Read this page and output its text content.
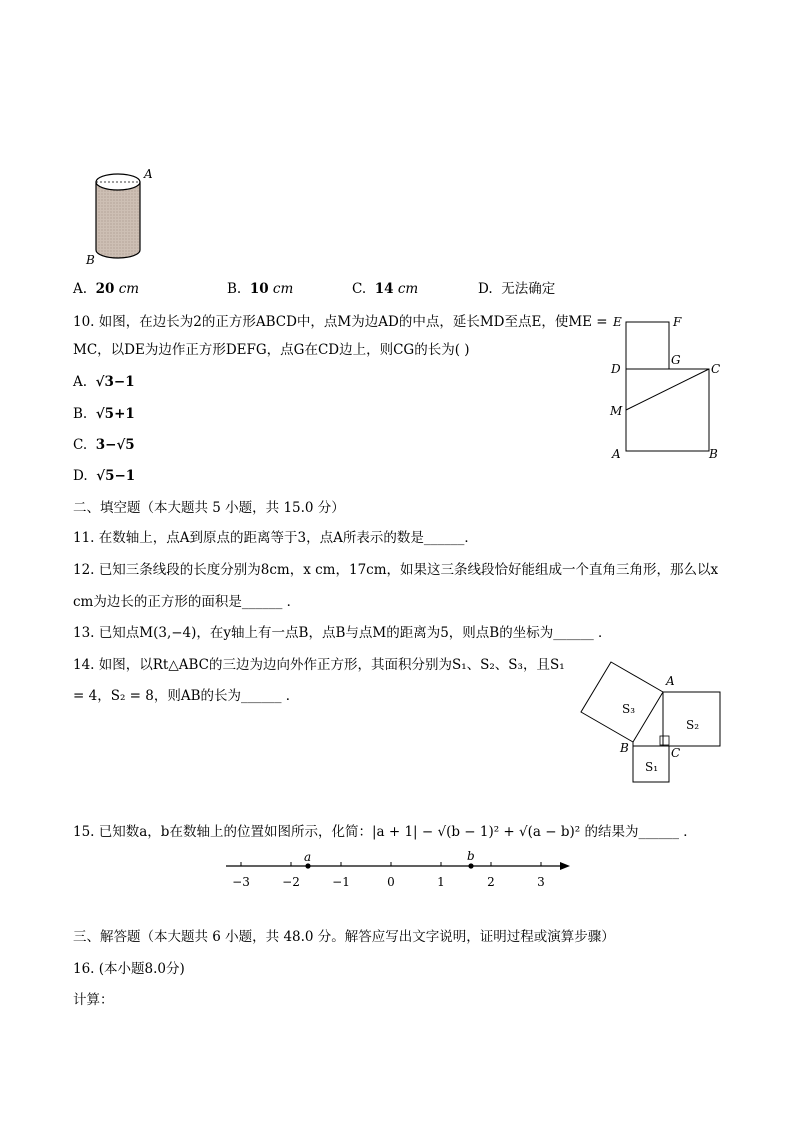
A
B
A. 20 cm	B. 10 cm	C. 14 cm	D. 无法确定
10. 如图，在边长为2的正方形ABCD中，点M为边AD的中点，延长MD至点E，使ME =
MC，以DE为边作正方形DEFG，点G在CD边上，则CG的长为( )
A. √3−1
B. √5+1
C. 3−√5
D. √5−1
E	F
D
G
C
M
A	B
二、填空题（本大题共 5 小题，共 15.0 分）
11. 在数轴上，点A到原点的距离等于3，点A所表示的数是______．
12. 已知三条线段的长度分别为8cm，x cm，17cm，如果这三条线段恰好能组成一个直角三角形，那么以x
cm为边长的正方形的面积是______ ．
13. 已知点M(3,−4)，在y轴上有一点B，点B与点M的距离为5，则点B的坐标为______ ．
14. 如图，以Rt△ABC的三边为边向外作正方形，其面积分别为S₁、S₂、S₃，且S₁
= 4，S₂ = 8，则AB的长为______ ．
S₃
S₂
S₁
A
B	C
15. 已知数a，b在数轴上的位置如图所示，化简：|a + 1| − √(b − 1)² + √(a − b)² 的结果为______ ．
−3	−2	−1	0	1	2	3
a	b
三、解答题（本大题共 6 小题，共 48.0 分。解答应写出文字说明，证明过程或演算步骤）
16. (本小题8.0分)
计算：
